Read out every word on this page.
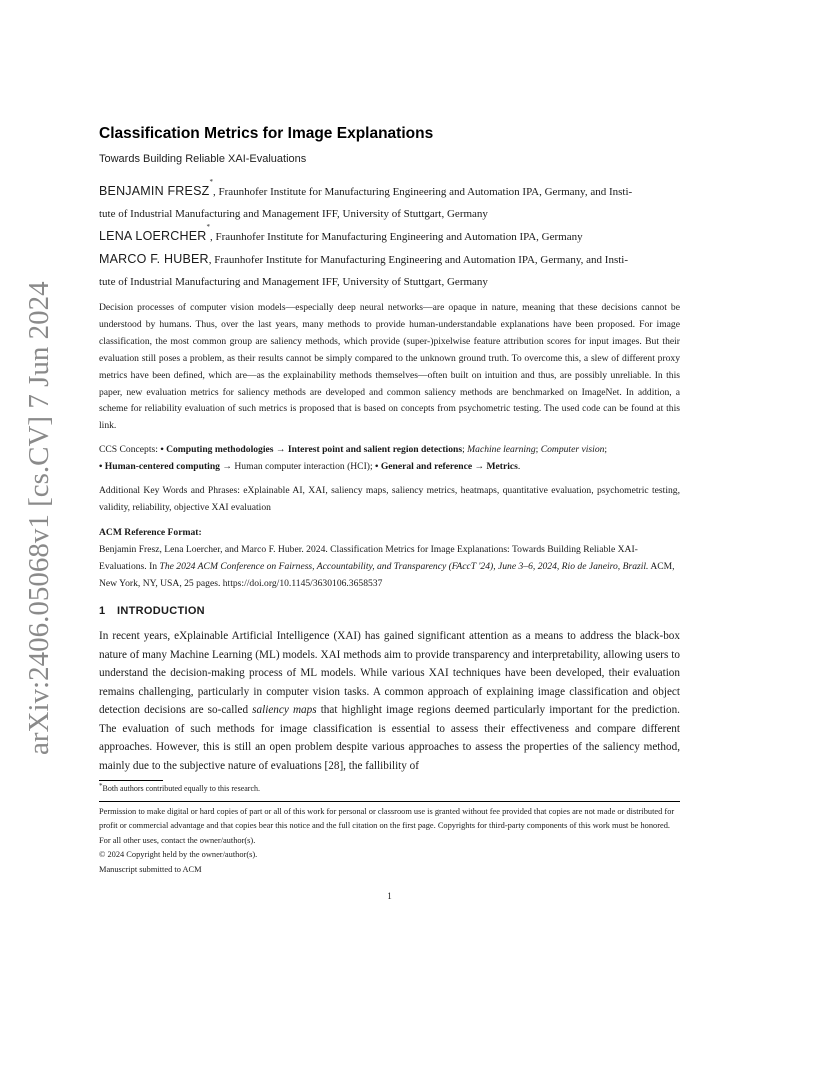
arXiv:2406.05068v1 [cs.CV] 7 Jun 2024
Classification Metrics for Image Explanations
Towards Building Reliable XAI-Evaluations
BENJAMIN FRESZ*, Fraunhofer Institute for Manufacturing Engineering and Automation IPA, Germany, and Insti-
tute of Industrial Manufacturing and Management IFF, University of Stuttgart, Germany
LENA LOERCHER*, Fraunhofer Institute for Manufacturing Engineering and Automation IPA, Germany
MARCO F. HUBER, Fraunhofer Institute for Manufacturing Engineering and Automation IPA, Germany, and Insti-
tute of Industrial Manufacturing and Management IFF, University of Stuttgart, Germany
Decision processes of computer vision models—especially deep neural networks—are opaque in nature, meaning that these decisions cannot be understood by humans. Thus, over the last years, many methods to provide human-understandable explanations have been proposed. For image classification, the most common group are saliency methods, which provide (super-)pixelwise feature attribution scores for input images. But their evaluation still poses a problem, as their results cannot be simply compared to the unknown ground truth. To overcome this, a slew of different proxy metrics have been defined, which are—as the explainability methods themselves—often built on intuition and thus, are possibly unreliable. In this paper, new evaluation metrics for saliency methods are developed and common saliency methods are benchmarked on ImageNet. In addition, a scheme for reliability evaluation of such metrics is proposed that is based on concepts from psychometric testing. The used code can be found at this link.
CCS Concepts: • Computing methodologies → Interest point and salient region detections; Machine learning; Computer vision;
• Human-centered computing → Human computer interaction (HCI); • General and reference → Metrics.
Additional Key Words and Phrases: eXplainable AI, XAI, saliency maps, saliency metrics, heatmaps, quantitative evaluation, psychometric testing, validity, reliability, objective XAI evaluation
ACM Reference Format:
Benjamin Fresz, Lena Loercher, and Marco F. Huber. 2024. Classification Metrics for Image Explanations: Towards Building Reliable XAI-Evaluations. In The 2024 ACM Conference on Fairness, Accountability, and Transparency (FAccT '24), June 3–6, 2024, Rio de Janeiro, Brazil. ACM, New York, NY, USA, 25 pages. https://doi.org/10.1145/3630106.3658537
1 INTRODUCTION
In recent years, eXplainable Artificial Intelligence (XAI) has gained significant attention as a means to address the black-box nature of many Machine Learning (ML) models. XAI methods aim to provide transparency and interpretability, allowing users to understand the decision-making process of ML models. While various XAI techniques have been developed, their evaluation remains challenging, particularly in computer vision tasks. A common approach of explaining image classification and object detection decisions are so-called saliency maps that highlight image regions deemed particularly important for the prediction. The evaluation of such methods for image classification is essential to assess their effectiveness and compare different approaches. However, this is still an open problem despite various approaches to assess the properties of the saliency method, mainly due to the subjective nature of evaluations [28], the fallibility of
*Both authors contributed equally to this research.

Permission to make digital or hard copies of part or all of this work for personal or classroom use is granted without fee provided that copies are not made or distributed for profit or commercial advantage and that copies bear this notice and the full citation on the first page. Copyrights for third-party components of this work must be honored. For all other uses, contact the owner/author(s).

© 2024 Copyright held by the owner/author(s).

Manuscript submitted to ACM

1
